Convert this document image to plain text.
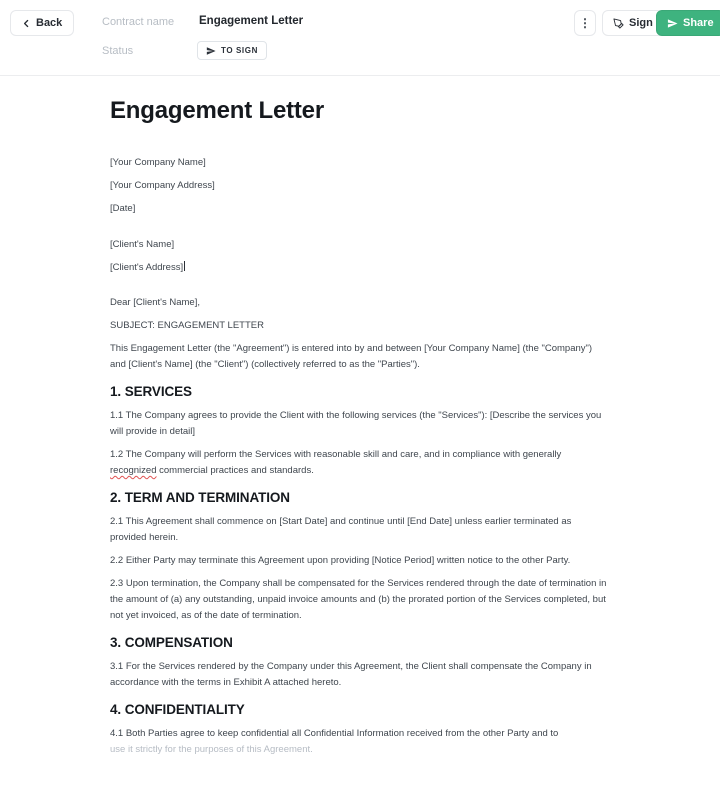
Back	Contract name Engagement Letter
Status	TO SIGN
⋮	Sign	Share
Engagement Letter

[Your Company Name]

[Your Company Address]

[Date]

[Client's Name]

[Client's Address]

Dear [Client's Name],

SUBJECT: ENGAGEMENT LETTER

This Engagement Letter (the "Agreement") is entered into by and between [Your Company Name] (the "Company") and [Client's Name] (the "Client") (collectively referred to as the "Parties").

1. SERVICES

1.1 The Company agrees to provide the Client with the following services (the "Services"): [Describe the services you will provide in detail]

1.2 The Company will perform the Services with reasonable skill and care, and in compliance with generally recognized commercial practices and standards.

2. TERM AND TERMINATION

2.1 This Agreement shall commence on [Start Date] and continue until [End Date] unless earlier terminated as provided herein.

2.2 Either Party may terminate this Agreement upon providing [Notice Period] written notice to the other Party.

2.3 Upon termination, the Company shall be compensated for the Services rendered through the date of termination in the amount of (a) any outstanding, unpaid invoice amounts and (b) the prorated portion of the Services completed, but not yet invoiced, as of the date of termination.

3. COMPENSATION

3.1 For the Services rendered by the Company under this Agreement, the Client shall compensate the Company in accordance with the terms in Exhibit A attached hereto.

4. CONFIDENTIALITY

4.1 Both Parties agree to keep confidential all Confidential Information received from the other Party and to
use it strictly for the purposes of this Agreement.
